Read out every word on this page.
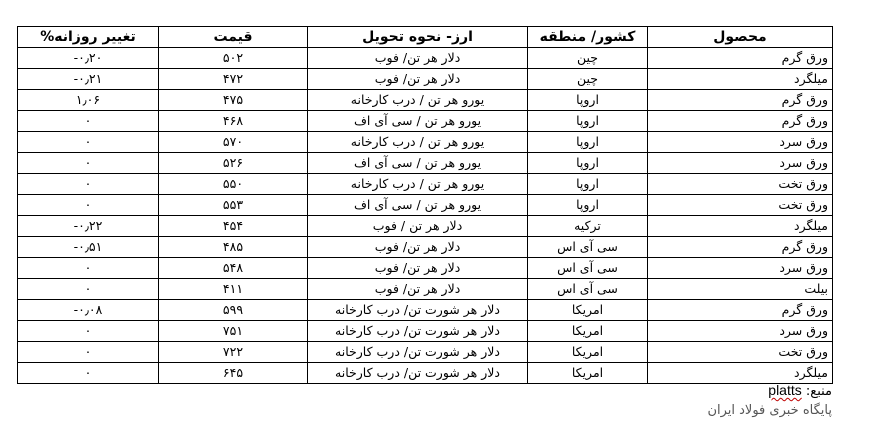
محصول	کشور/ منطقه	ارز- نحوه تحویل	قیمت	تغییر روزانه%
ورق گرم	چین	دلار هر تن/ فوب	۵۰۲	-۰٫۲۰
میلگرد	چین	دلار هر تن/ فوب	۴۷۲	-۰٫۲۱
ورق گرم	اروپا	یورو هر تن / درب کارخانه	۴۷۵	۱٫۰۶
ورق گرم	اروپا	یورو هر تن / سی آی اف	۴۶۸	۰
ورق سرد	اروپا	یورو هر تن / درب کارخانه	۵۷۰	۰
ورق سرد	اروپا	یورو هر تن / سی آی اف	۵۲۶	۰
ورق تخت	اروپا	یورو هر تن / درب کارخانه	۵۵۰	۰
ورق تخت	اروپا	یورو هر تن / سی آی اف	۵۵۳	۰
میلگرد	ترکیه	دلار هر تن / فوب	۴۵۴	-۰٫۲۲
ورق گرم	سی آی اس	دلار هر تن/ فوب	۴۸۵	-۰٫۵۱
ورق سرد	سی آی اس	دلار هر تن/ فوب	۵۴۸	۰
بیلت	سی آی اس	دلار هر تن/ فوب	۴۱۱	۰
ورق گرم	امریکا	دلار هر شورت تن/ درب کارخانه	۵۹۹	-۰٫۰۸
ورق سرد	امریکا	دلار هر شورت تن/ درب کارخانه	۷۵۱	۰
ورق تخت	امریکا	دلار هر شورت تن/ درب کارخانه	۷۲۲	۰
میلگرد	امریکا	دلار هر شورت تن/ درب کارخانه	۶۴۵	۰
منبع: platts
پایگاه خبری فولاد ایران
